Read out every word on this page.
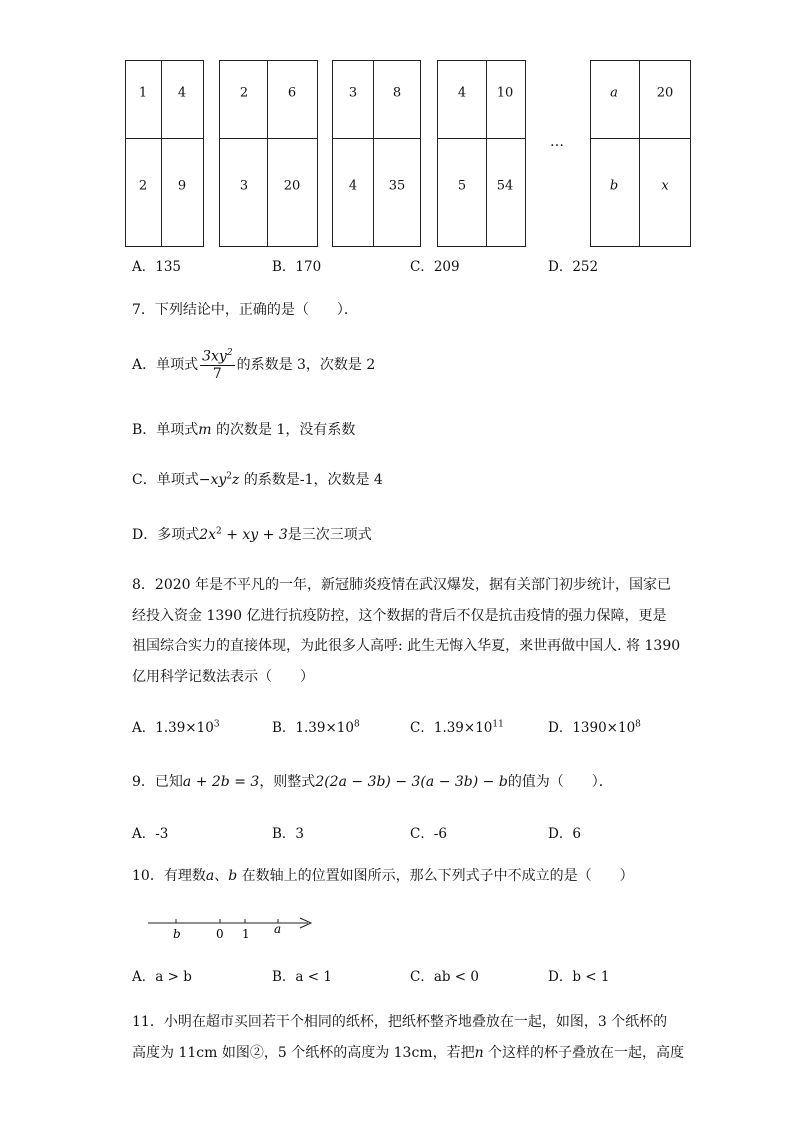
1 4
2 9
2	6
3	20
3	8
4 35
4 10
5 54
…
a	20
b	x
A．135	B．170	C．209	D．252
7．下列结论中，正确的是（　　）．
A．单项式 $\frac{3xy^2}{7}$ 的系数是 3，次数是 2
B．单项式m 的次数是 1，没有系数
C．单项式$-xy^2z$ 的系数是-1，次数是 4
D．多项式$2x^2$ + xy + 3是三次三项式
8．2020 年是不平凡的一年，新冠肺炎疫情在武汉爆发，据有关部门初步统计，国家已
经投入资金 1390 亿进行抗疫防控，这个数据的背后不仅是抗击疫情的强力保障，更是
祖国综合实力的直接体现，为此很多人高呼: 此生无悔入华夏，来世再做中国人. 将 1390
亿用科学记数法表示（　　）
A．$1.39\times 10^3$	B．$1.39\times 10^8$	C．$1.39\times 10^{11}$	D．$1390\times 10^8$
9．已知a + 2b = 3，则整式2(2a − 3b) − 3(a − 3b) − b的值为（　　）．
A．-3	B．3	C．-6	D．6
10．有理数a、b 在数轴上的位置如图所示，那么下列式子中不成立的是（　　）
b	0 1 a
A．a > b	B．a < 1	C．ab < 0	D．b < 1
11．小明在超市买回若干个相同的纸杯，把纸杯整齐地叠放在一起，如图，3 个纸杯的
高度为 11cm 如图②，5 个纸杯的高度为 13cm，若把n 个这样的杯子叠放在一起，高度
